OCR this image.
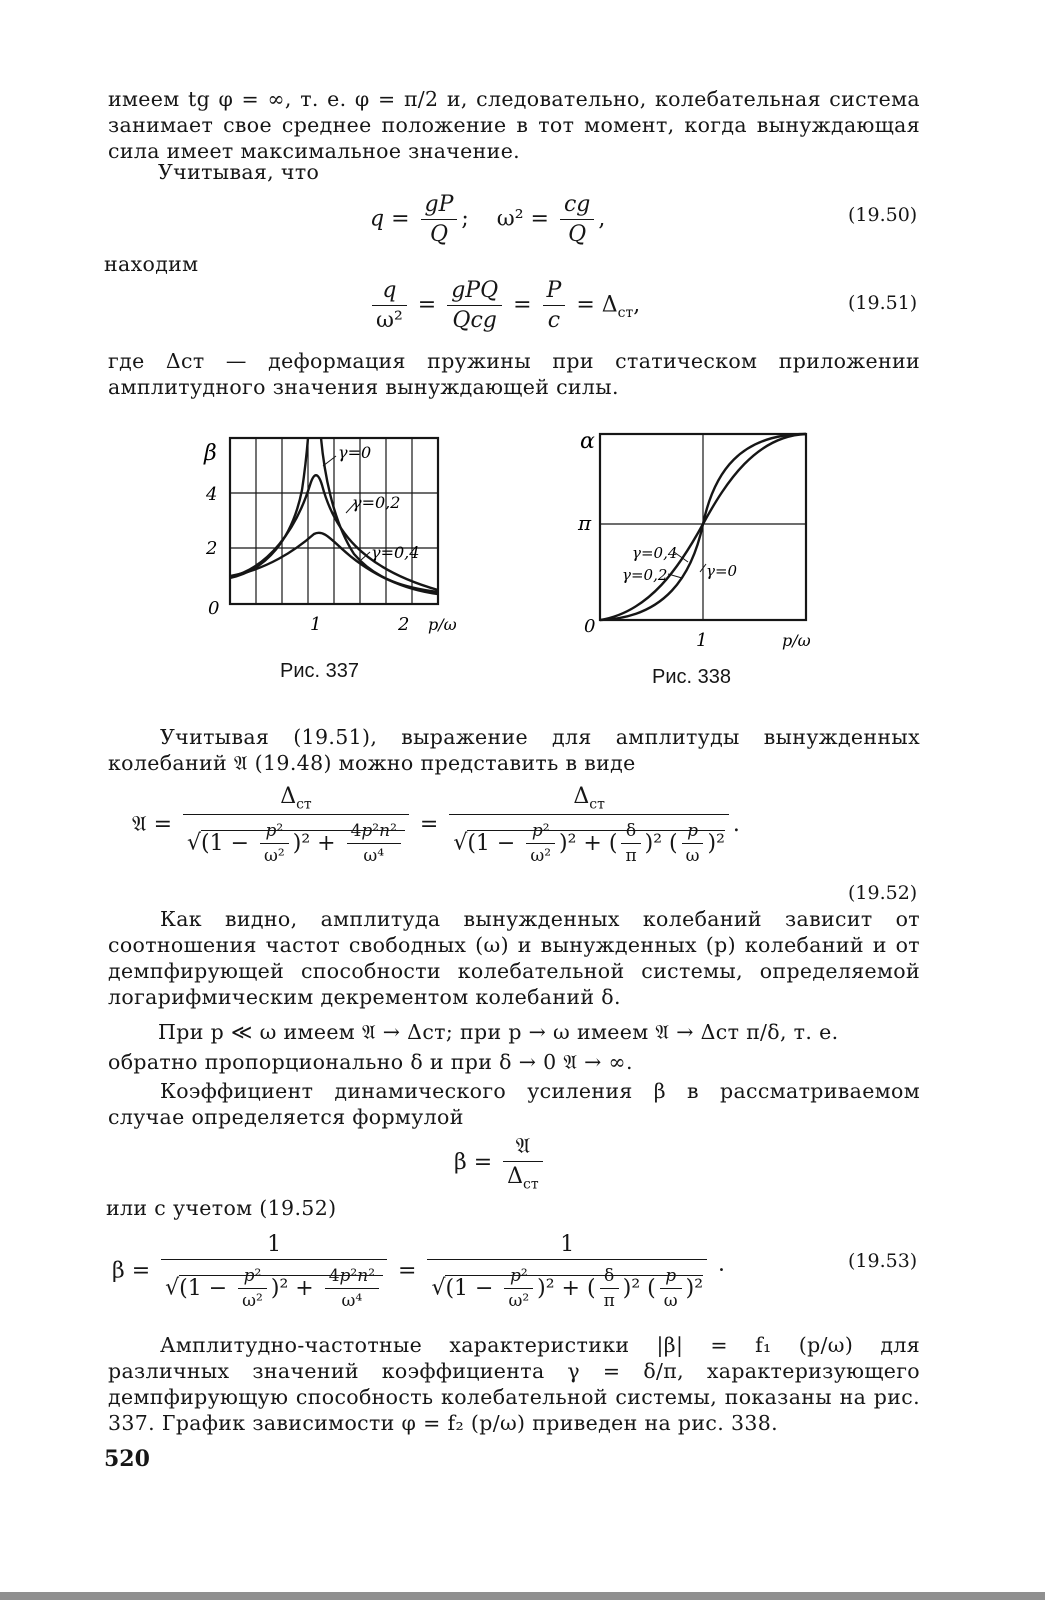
имеем tg φ = ∞, т. е. φ = π/2 и, следовательно, колебательная система занимает свое среднее положение в тот момент, когда вынуждающая сила имеет максимальное значение.

Учитывая, что
$q = \frac{gP}{Q}$ ;    $\omega^2 = \frac{cg}{Q}$ ,	(19.50)
находим
$\frac{q}{\text{ω²}} = \frac{\text{gPQ}}{\text{Qcg}} = \frac{P}{c} = \Delta_{ст}$,	(19.51)

где Δст — деформация пружины при статическом приложении амплитудного значения вынуждающей силы.

β
4
2
0
1	2 p/ω
γ=0
γ=0,2
γ=0,4
Рис. 337
α
π
0
1	p/ω
γ=0,4
γ=0,2	γ=0
Рис. 338

Учитывая (19.51), выражение для амплитуды вынужденных колебаний 𝔄 (19.48) можно представить в виде

𝔄 = $\frac{\Delta_{ст}}{√(1 - \frac{\text{p²}}{\text{ω²}} )^2 + \frac{\text{4p²n²}}{\text{ω⁴}}} = \frac{\Delta_{ст}}{√(1 - \frac{\text{p²}}{\text{ω²}} )^2 + ( \frac{\delta}{\pi} )^2 ( \frac{p}{\omega} )^2}$ .
(19.52)

Как видно, амплитуда вынужденных колебаний зависит от соотношения частот свободных (ω) и вынужденных (p) колебаний и от демпфирующей способности колебательной системы, определяемой логарифмическим декрементом колебаний δ.

При p ≪ ω имеем 𝔄 → Δст; при p → ω имеем 𝔄 → Δст π/δ, т. е.
обратно пропорционально δ и при δ → 0 𝔄 → ∞.

Коэффициент динамического усиления β в рассматриваемом случае определяется формулой

$\beta = \frac{\text{𝔄}}{\Delta_{ст}}$
или с учетом (19.52)
$\beta = \frac{1}{√(1 - \frac{\text{p²}}{\text{ω²}} )^2 + \frac{\text{4p²n²}}{\text{ω⁴}}} = \frac{1}{√(1 - \frac{\text{p²}}{\text{ω²}} )^2 + ( \frac{\delta}{\pi} )^2 ( \frac{p}{\omega} )^2}$ ·	(19.53)

Амплитудно-частотные характеристики |β| = f₁ (p/ω) для различных значений коэффициента γ = δ/π, характеризующего демпфирующую способность колебательной системы, показаны на рис. 337. График зависимости φ = f₂ (p/ω) приведен на рис. 338.

520
